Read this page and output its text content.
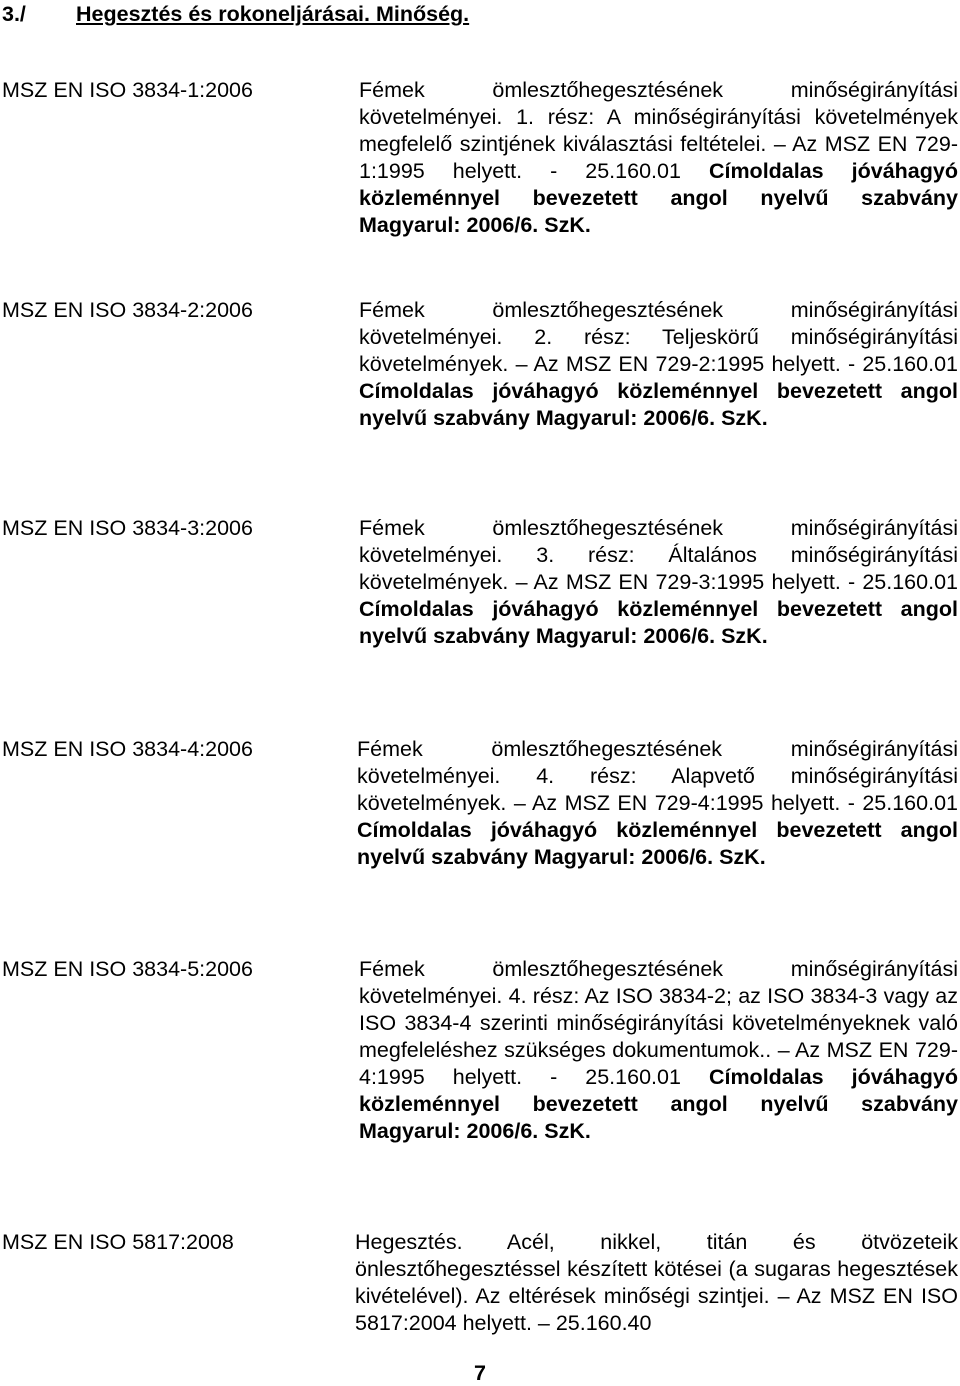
3./ Hegesztés és rokoneljárásai. Minőség.
MSZ EN ISO 3834-1:2006	Fémek ömlesztőhegesztésének minőségirányítási követelményei. 1. rész: A minőségirányítási követelmények megfelelő szintjének kiválasztási feltételei. – Az MSZ EN 729-1:1995 helyett. - 25.160.01 Címoldalas jóváhagyó közleménnyel bevezetett angol nyelvű szabvány Magyarul: 2006/6. SzK.
MSZ EN ISO 3834-2:2006	Fémek ömlesztőhegesztésének minőségirányítási követelményei. 2. rész: Teljeskörű minőségirányítási követelmények. – Az MSZ EN 729-2:1995 helyett. - 25.160.01 Címoldalas jóváhagyó közleménnyel bevezetett angol nyelvű szabvány Magyarul: 2006/6. SzK.
MSZ EN ISO 3834-3:2006	Fémek ömlesztőhegesztésének minőségirányítási követelményei. 3. rész: Általános minőségirányítási követelmények. – Az MSZ EN 729-3:1995 helyett. - 25.160.01 Címoldalas jóváhagyó közleménnyel bevezetett angol nyelvű szabvány Magyarul: 2006/6. SzK.
MSZ EN ISO 3834-4:2006	Fémek ömlesztőhegesztésének minőségirányítási követelményei. 4. rész: Alapvető minőségirányítási követelmények. – Az MSZ EN 729-4:1995 helyett. - 25.160.01 Címoldalas jóváhagyó közleménnyel bevezetett angol nyelvű szabvány Magyarul: 2006/6. SzK.
MSZ EN ISO 3834-5:2006	Fémek ömlesztőhegesztésének minőségirányítási követelményei. 4. rész: Az ISO 3834-2; az ISO 3834-3 vagy az ISO 3834-4 szerinti minőségirányítási követelményeknek való megfeleléshez szükséges dokumentumok.. – Az MSZ EN 729-4:1995 helyett. - 25.160.01 Címoldalas jóváhagyó közleménnyel bevezetett angol nyelvű szabvány Magyarul: 2006/6. SzK.
MSZ EN ISO 5817:2008	Hegesztés. Acél, nikkel, titán és ötvözeteik önlesztőhegesztéssel készített kötései (a sugaras hegesztések kivételével). Az eltérések minőségi szintjei. – Az MSZ EN ISO 5817:2004 helyett. – 25.160.40
7
